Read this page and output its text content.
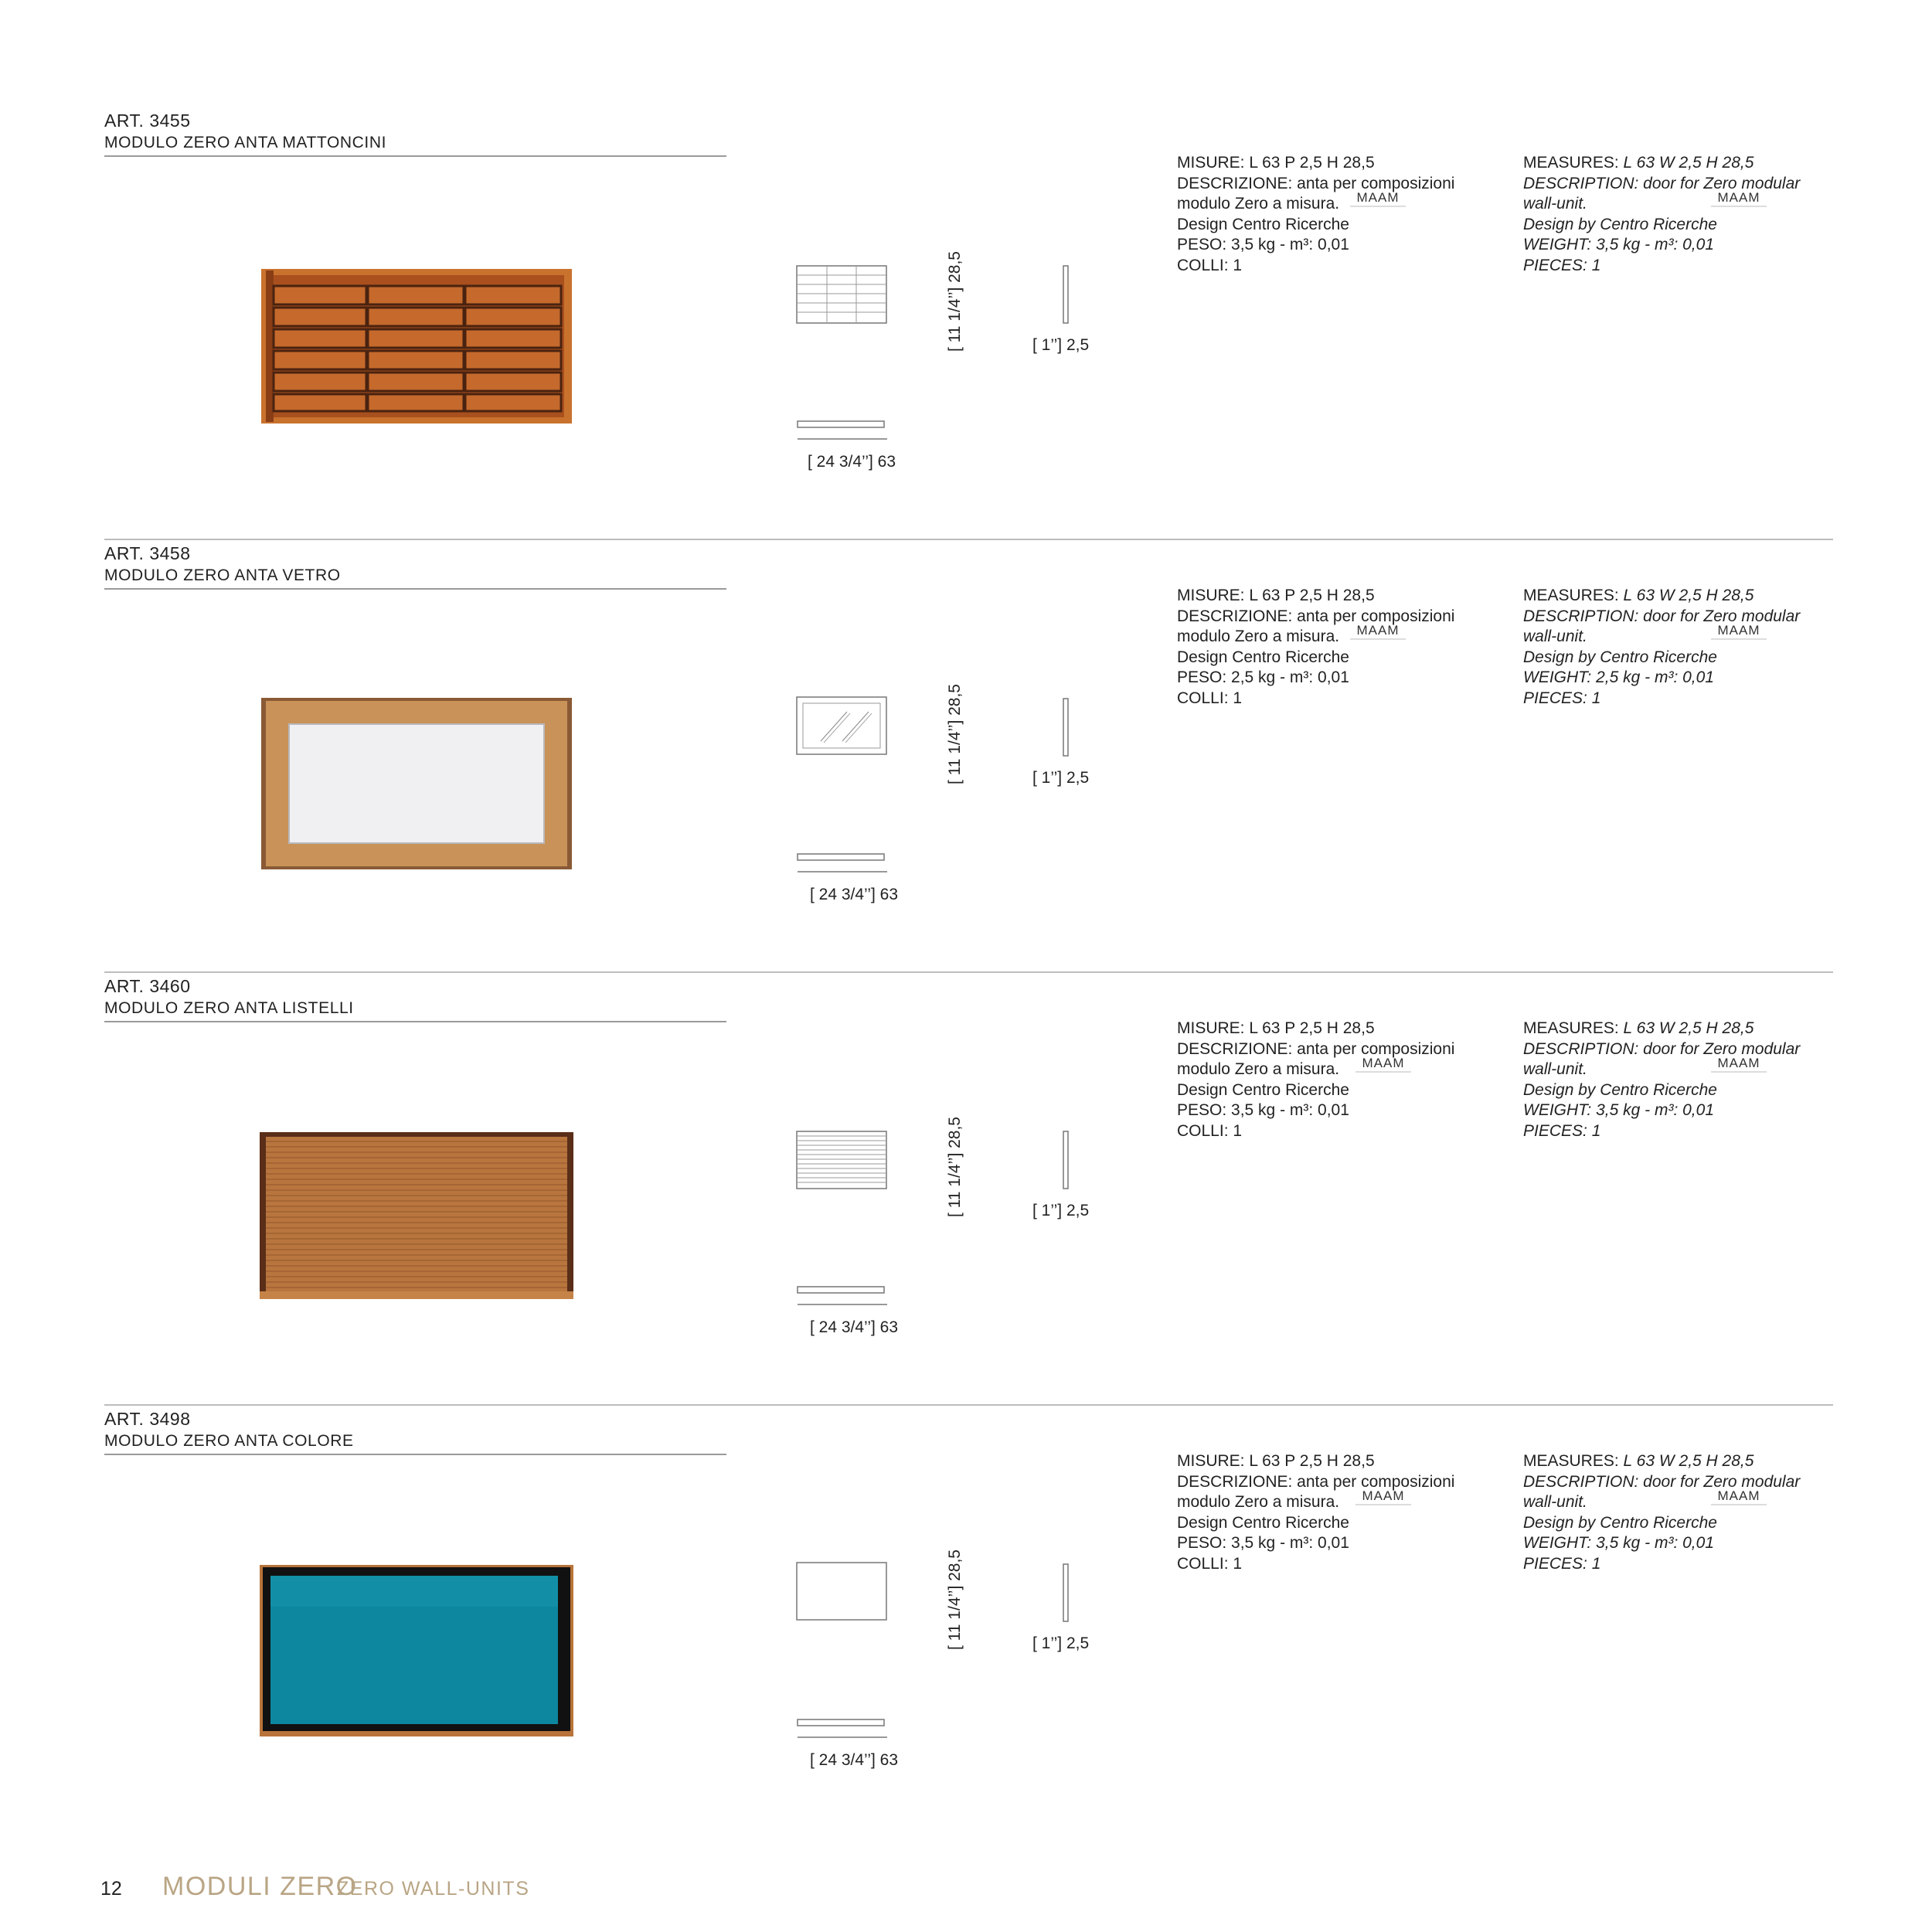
ART. 3455
MODULO ZERO ANTA MATTONCINI
[ 11 1/4’’] 28,5	[ 1’’] 2,5
[ 24 3/4’’] 63
MISURE: L 63 P 2,5 H 28,5
DESCRIZIONE: anta per composizioni
modulo Zero a misura.
Design Centro Ricerche
PESO: 3,5 kg - m³: 0,01
COLLI: 1
MAAM
MEASURES: L 63 W 2,5 H 28,5
DESCRIPTION: door for Zero modular
wall-unit.
Design by Centro Ricerche
WEIGHT: 3,5 kg - m³: 0,01
PIECES: 1
MAAM
ART. 3458
MODULO ZERO ANTA VETRO
[ 11 1/4’’] 28,5	[ 1’’] 2,5
[ 24 3/4’’] 63
MISURE: L 63 P 2,5 H 28,5
DESCRIZIONE: anta per composizioni
modulo Zero a misura.
Design Centro Ricerche
PESO: 2,5 kg - m³: 0,01
COLLI: 1
MAAM
MEASURES: L 63 W 2,5 H 28,5
DESCRIPTION: door for Zero modular
wall-unit.
Design by Centro Ricerche
WEIGHT: 2,5 kg - m³: 0,01
PIECES: 1
MAAM
ART. 3460
MODULO ZERO ANTA LISTELLI
[ 11 1/4’’] 28,5	[ 1’’] 2,5
[ 24 3/4’’] 63
MISURE: L 63 P 2,5 H 28,5
DESCRIZIONE: anta per composizioni
modulo Zero a misura.
Design Centro Ricerche
PESO: 3,5 kg - m³: 0,01
COLLI: 1
MAAM
MEASURES: L 63 W 2,5 H 28,5
DESCRIPTION: door for Zero modular
wall-unit.
Design by Centro Ricerche
WEIGHT: 3,5 kg - m³: 0,01
PIECES: 1
MAAM
ART. 3498
MODULO ZERO ANTA COLORE
[ 11 1/4’’] 28,5	[ 1’’] 2,5
[ 24 3/4’’] 63
MISURE: L 63 P 2,5 H 28,5
DESCRIZIONE: anta per composizioni
modulo Zero a misura.
Design Centro Ricerche
PESO: 3,5 kg - m³: 0,01
COLLI: 1
MAAM
MEASURES: L 63 W 2,5 H 28,5
DESCRIPTION: door for Zero modular
wall-unit.
Design by Centro Ricerche
WEIGHT: 3,5 kg - m³: 0,01
PIECES: 1
MAAM
12 MODULI ZERO
ZERO WALL-UNITS
